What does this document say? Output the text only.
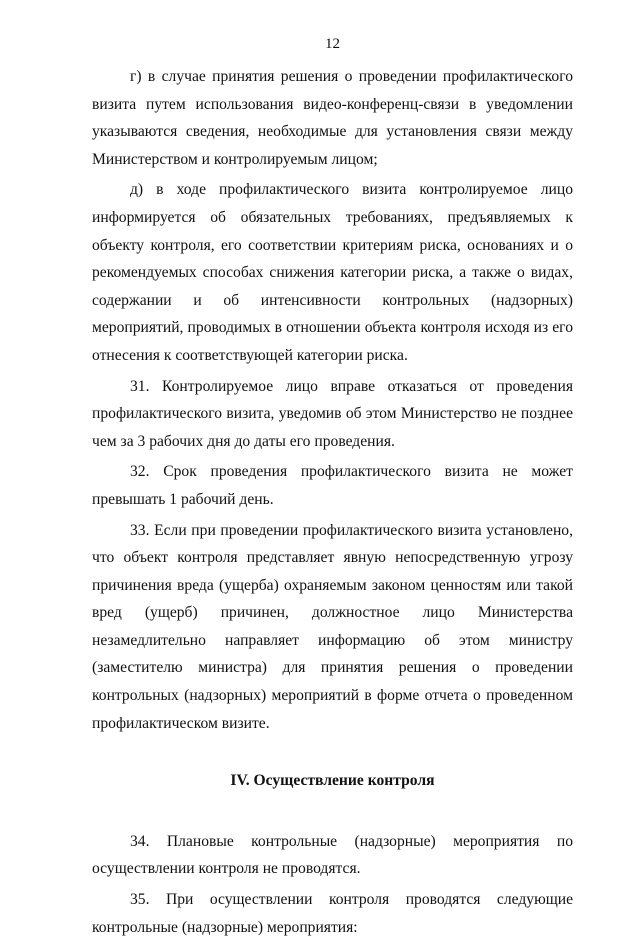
12

г) в случае принятия решения о проведении профилактического визита путем использования видео-конференц-связи в уведомлении указываются сведения, необходимые для установления связи между Министерством и контролируемым лицом;

д) в ходе профилактического визита контролируемое лицо информируется об обязательных требованиях, предъявляемых к объекту контроля, его соответствии критериям риска, основаниях и о рекомендуемых способах снижения категории риска, а также о видах, содержании и об интенсивности контрольных (надзорных) мероприятий, проводимых в отношении объекта контроля исходя из его отнесения к соответствующей категории риска.

31. Контролируемое лицо вправе отказаться от проведения профилактического визита, уведомив об этом Министерство не позднее чем за 3 рабочих дня до даты его проведения.

32. Срок проведения профилактического визита не может превышать 1 рабочий день.

33. Если при проведении профилактического визита установлено, что объект контроля представляет явную непосредственную угрозу причинения вреда (ущерба) охраняемым законом ценностям или такой вред (ущерб) причинен, должностное лицо Министерства незамедлительно направляет информацию об этом министру (заместителю министра) для принятия решения о проведении контрольных (надзорных) мероприятий в форме отчета о проведенном профилактическом визите.

IV. Осуществление контроля

34. Плановые контрольные (надзорные) мероприятия по осуществлении контроля не проводятся.

35. При осуществлении контроля проводятся следующие контрольные (надзорные) мероприятия:
